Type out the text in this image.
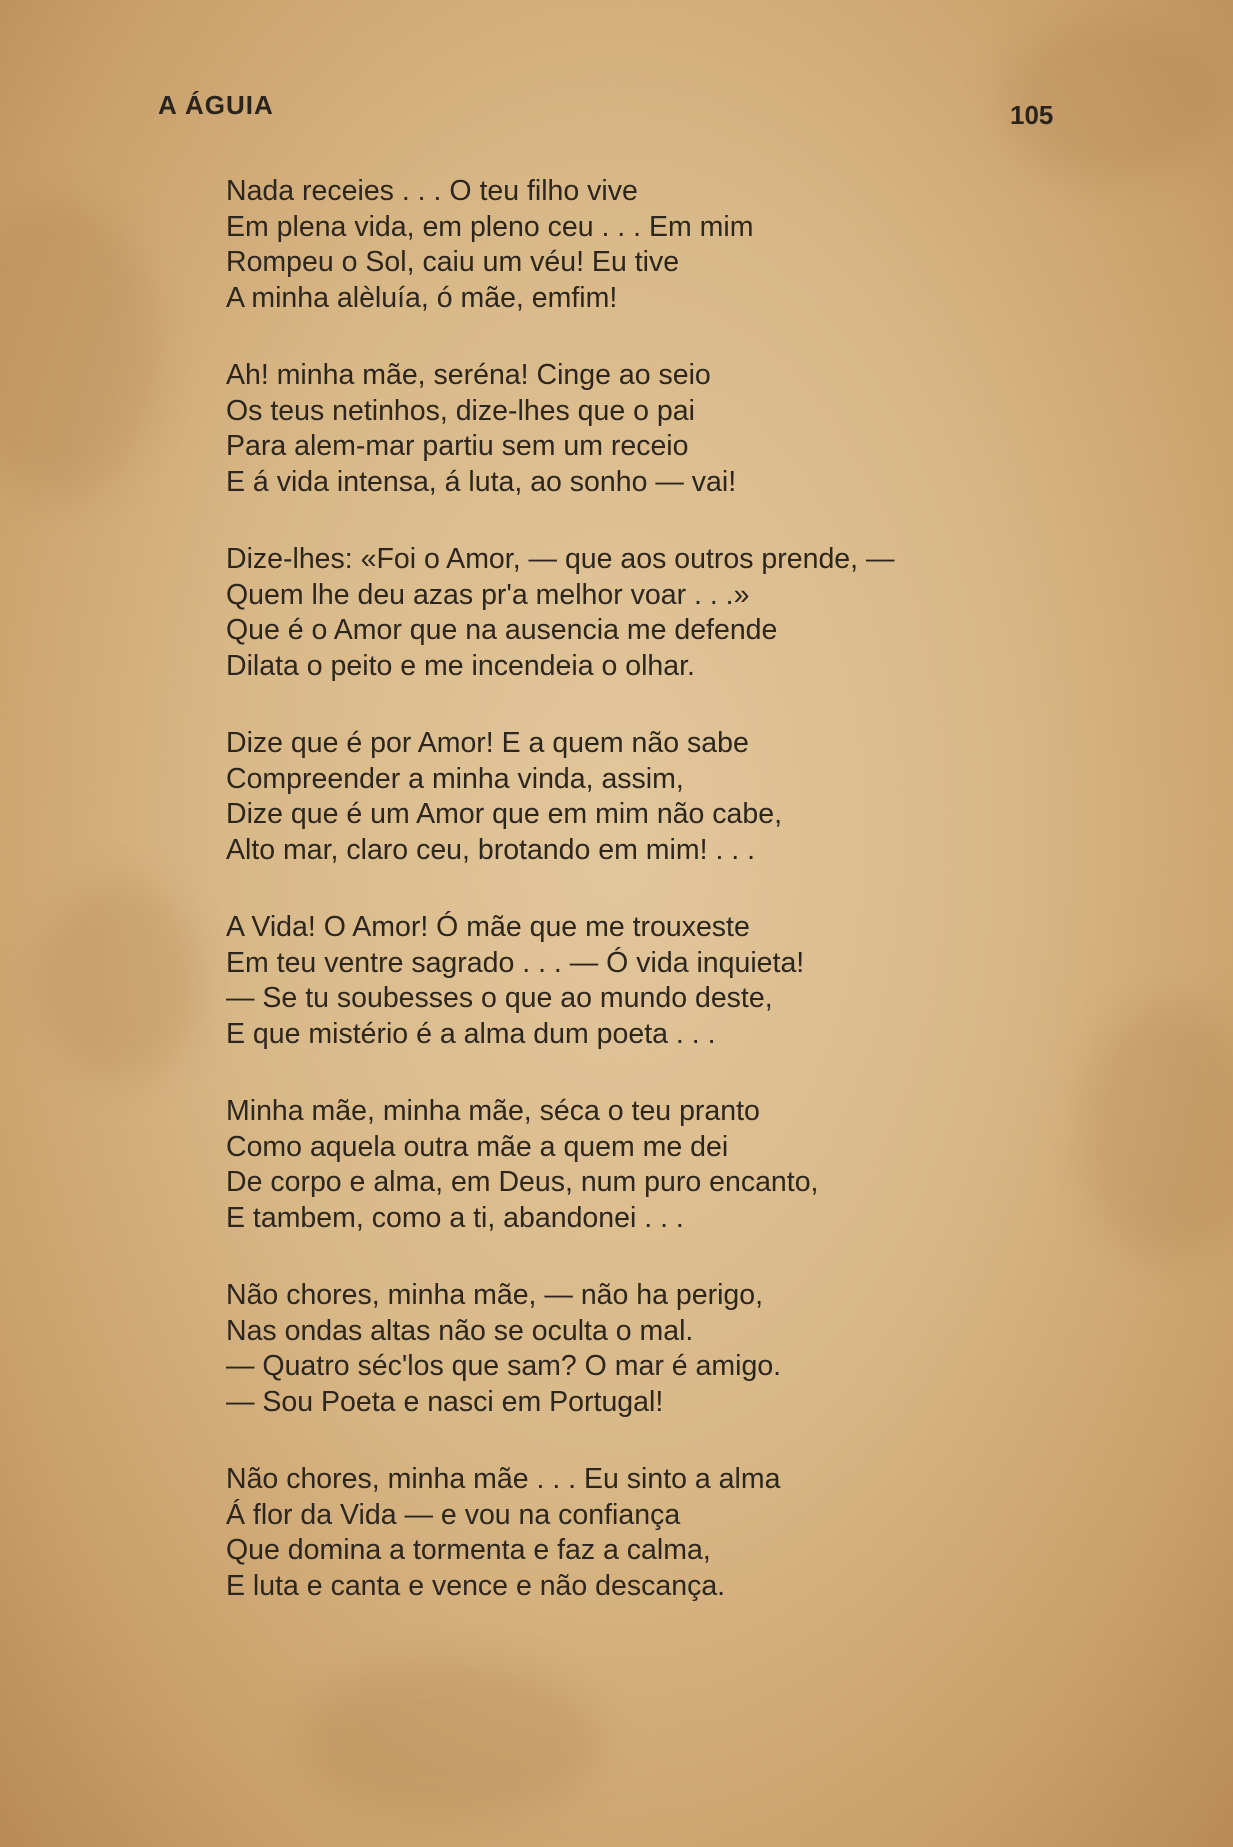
A ÁGUIA	105
Nada receies . . . O teu filho vive
Em plena vida, em pleno ceu . . . Em mim
Rompeu o Sol, caiu um véu! Eu tive
A minha alèluía, ó mãe, emfim!
Ah! minha mãe, seréna! Cinge ao seio
Os teus netinhos, dize-lhes que o pai
Para alem-mar partiu sem um receio
E á vida intensa, á luta, ao sonho — vai!
Dize-lhes: «Foi o Amor, — que aos outros prende, —
Quem lhe deu azas pr'a melhor voar . . .»
Que é o Amor que na ausencia me defende
Dilata o peito e me incendeia o olhar.
Dize que é por Amor! E a quem não sabe
Compreender a minha vinda, assim,
Dize que é um Amor que em mim não cabe,
Alto mar, claro ceu, brotando em mim! . . .
A Vida! O Amor! Ó mãe que me trouxeste
Em teu ventre sagrado . . . — Ó vida inquieta!
— Se tu soubesses o que ao mundo deste,
E que mistério é a alma dum poeta . . .
Minha mãe, minha mãe, séca o teu pranto
Como aquela outra mãe a quem me dei
De corpo e alma, em Deus, num puro encanto,
E tambem, como a ti, abandonei . . .
Não chores, minha mãe, — não ha perigo,
Nas ondas altas não se oculta o mal.
— Quatro séc'los que sam? O mar é amigo.
— Sou Poeta e nasci em Portugal!
Não chores, minha mãe . . . Eu sinto a alma
Á flor da Vida — e vou na confiança
Que domina a tormenta e faz a calma,
E luta e canta e vence e não descança.
